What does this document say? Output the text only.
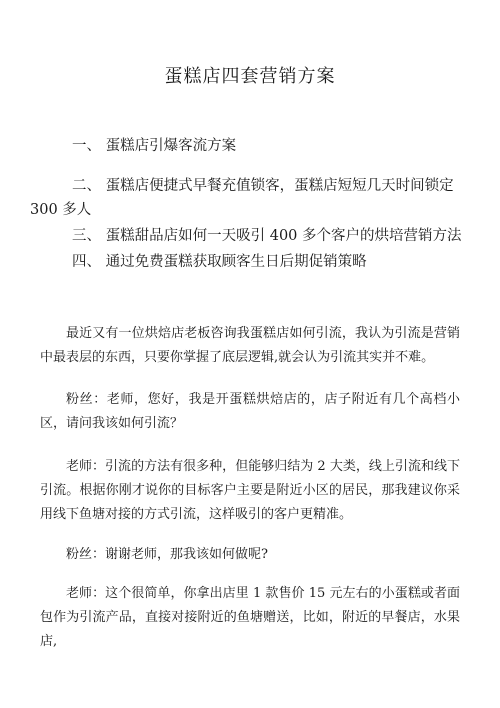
蛋糕店四套营销方案
一、 蛋糕店引爆客流方案
二、 蛋糕店便捷式早餐充值锁客，蛋糕店短短几天时间锁定
300 多人
三、 蛋糕甜品店如何一天吸引 400 多个客户的烘培营销方法
四、 通过免费蛋糕获取顾客生日后期促销策略

最近又有一位烘焙店老板咨询我蛋糕店如何引流，我认为引流是营销中最表层的东西，只要你掌握了底层逻辑,就会认为引流其实并不难。

粉丝：老师，您好，我是开蛋糕烘焙店的，店子附近有几个高档小区，请问我该如何引流？

老师：引流的方法有很多种，但能够归结为 2 大类，线上引流和线下引流。根据你刚才说你的目标客户主要是附近小区的居民，那我建议你采用线下鱼塘对接的方式引流，这样吸引的客户更精准。

粉丝：谢谢老师，那我该如何做呢?

老师：这个很简单，你拿出店里 1 款售价 15 元左右的小蛋糕或者面包作为引流产品，直接对接附近的鱼塘赠送，比如，附近的早餐店，水果店,
